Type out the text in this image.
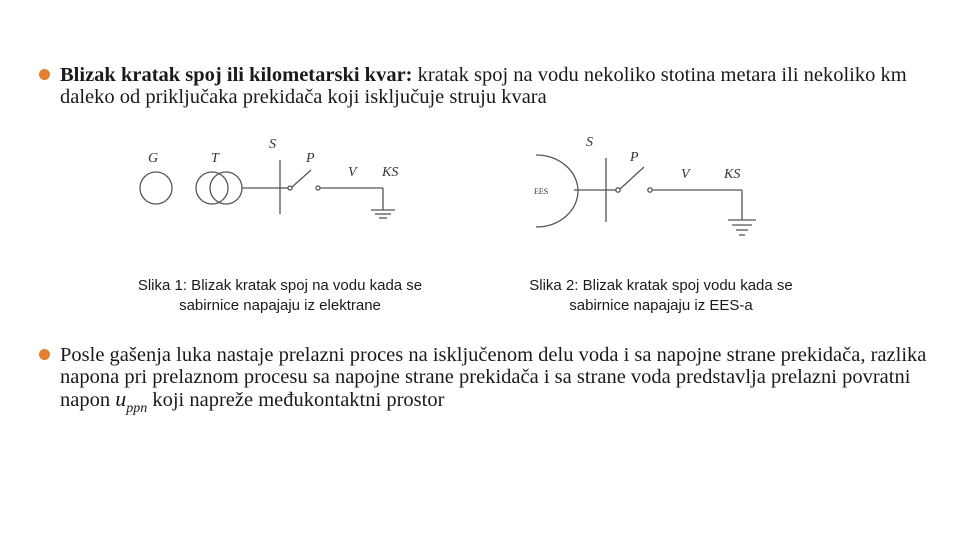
Blizak kratak spoj ili kilometarski kvar: kratak spoj na vodu nekoliko stotina metara ili nekoliko km daleko od priključaka prekidača koji isključuje struju kvara
G	T
S
P
V KS
Slika 1: Blizak kratak spoj na vodu kada se
sabirnice napajaju iz elektrane
EES
S
P
V KS
Slika 2: Blizak kratak spoj vodu kada se
sabirnice napajaju iz EES-a
Posle gašenja luka nastaje prelazni proces na isključenom delu voda i sa napojne strane prekidača, razlika napona pri prelaznom procesu sa napojne strane prekidača i sa strane voda predstavlja prelazni povratni napon $u_{ppn}$ koji napreže međukontaktni prostor
